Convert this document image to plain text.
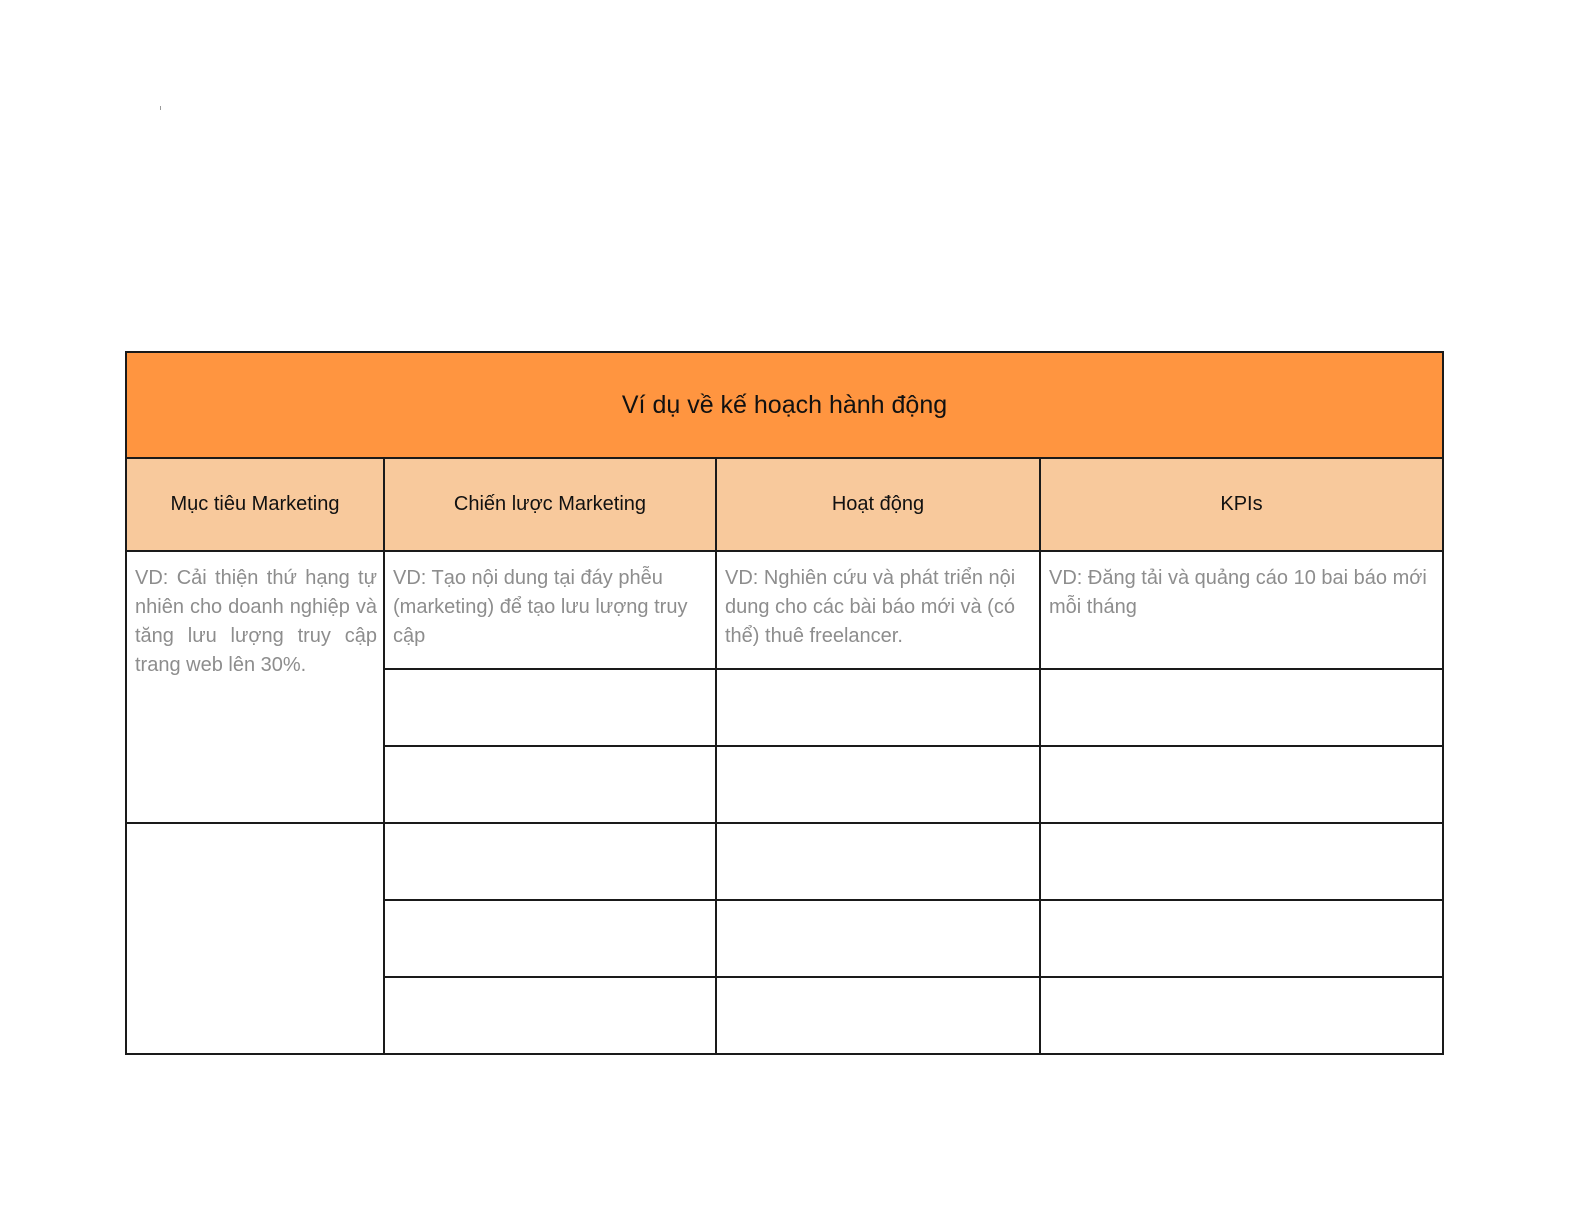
Ví dụ về kế hoạch hành động			
Mục tiêu Marketing	Chiến lược Marketing	Hoạt động	KPIs
VD: Cải thiện thứ hạng tự nhiên cho doanh nghiệp và tăng lưu lượng truy cập trang web lên 30%.	VD: Tạo nội dung tại đáy phễu (marketing) để tạo lưu lượng truy cập	VD: Nghiên cứu và phát triển nội dung cho các bài báo mới và (có thể) thuê freelancer.	VD: Đăng tải và quảng cáo 10 bai báo mới mỗi tháng
